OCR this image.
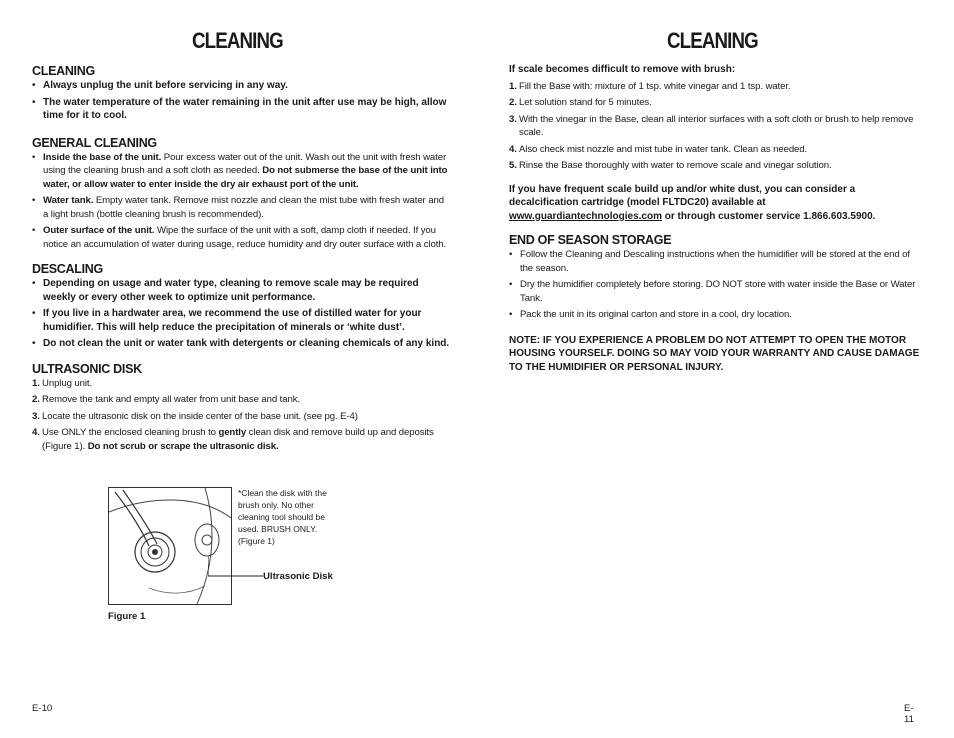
CLEANING
CLEANING
• Always unplug the unit before servicing in any way.
• The water temperature of the water remaining in the unit after use may be high, allow time for it to cool.
GENERAL CLEANING
• Inside the base of the unit. Pour excess water out of the unit. Wash out the unit with fresh water using the cleaning brush and a soft cloth as needed. Do not submerse the base of the unit into water, or allow water to enter inside the dry air exhaust port of the unit.
• Water tank. Empty water tank. Remove mist nozzle and clean the mist tube with fresh water and a light brush (bottle cleaning brush is recommended).
• Outer surface of the unit. Wipe the surface of the unit with a soft, damp cloth if needed. If you notice an accumulation of water during usage, reduce humidity and dry outer surface with a cloth.
DESCALING
• Depending on usage and water type, cleaning to remove scale may be required weekly or every other week to optimize unit performance.
• If you live in a hardwater area, we recommend the use of distilled water for your humidifier. This will help reduce the precipitation of minerals or ‘white dust’.
• Do not clean the unit or water tank with detergents or cleaning chemicals of any kind.
ULTRASONIC DISK
1. Unplug unit.
2. Remove the tank and empty all water from unit base and tank.
3. Locate the ultrasonic disk on the inside center of the base unit. (see pg. E-4)
4. Use ONLY the enclosed cleaning brush to gently clean disk and remove build up and deposits (Figure 1). Do not scrub or scrape the ultrasonic disk.
*Clean the disk with the brush only. No other cleaning tool should be used. BRUSH ONLY. (Figure 1)
Ultrasonic Disk
Figure 1
E-10
CLEANING

If scale becomes difficult to remove with brush:

1. Fill the Base with: mixture of 1 tsp. white vinegar and 1 tsp. water.
2. Let solution stand for 5 minutes.
3. With the vinegar in the Base, clean all interior surfaces with a soft cloth or brush to help remove scale.
4. Also check mist nozzle and mist tube in water tank. Clean as needed.
5. Rinse the Base thoroughly with water to remove scale and vinegar solution.

If you have frequent scale build up and/or white dust, you can consider a decalcification cartridge (model FLTDC20) available at www.guardiantechnologies.com or through customer service 1.866.603.5900.

END OF SEASON STORAGE
• Follow the Cleaning and Descaling instructions when the humidifier will be stored at the end of the season.
• Dry the humidifier completely before storing. DO NOT store with water inside the Base or Water Tank.
• Pack the unit in its original carton and store in a cool, dry location.

NOTE: IF YOU EXPERIENCE A PROBLEM DO NOT ATTEMPT TO OPEN THE MOTOR HOUSING YOURSELF. DOING SO MAY VOID YOUR WARRANTY AND CAUSE DAMAGE TO THE HUMIDIFIER OR PERSONAL INJURY.

E-11
